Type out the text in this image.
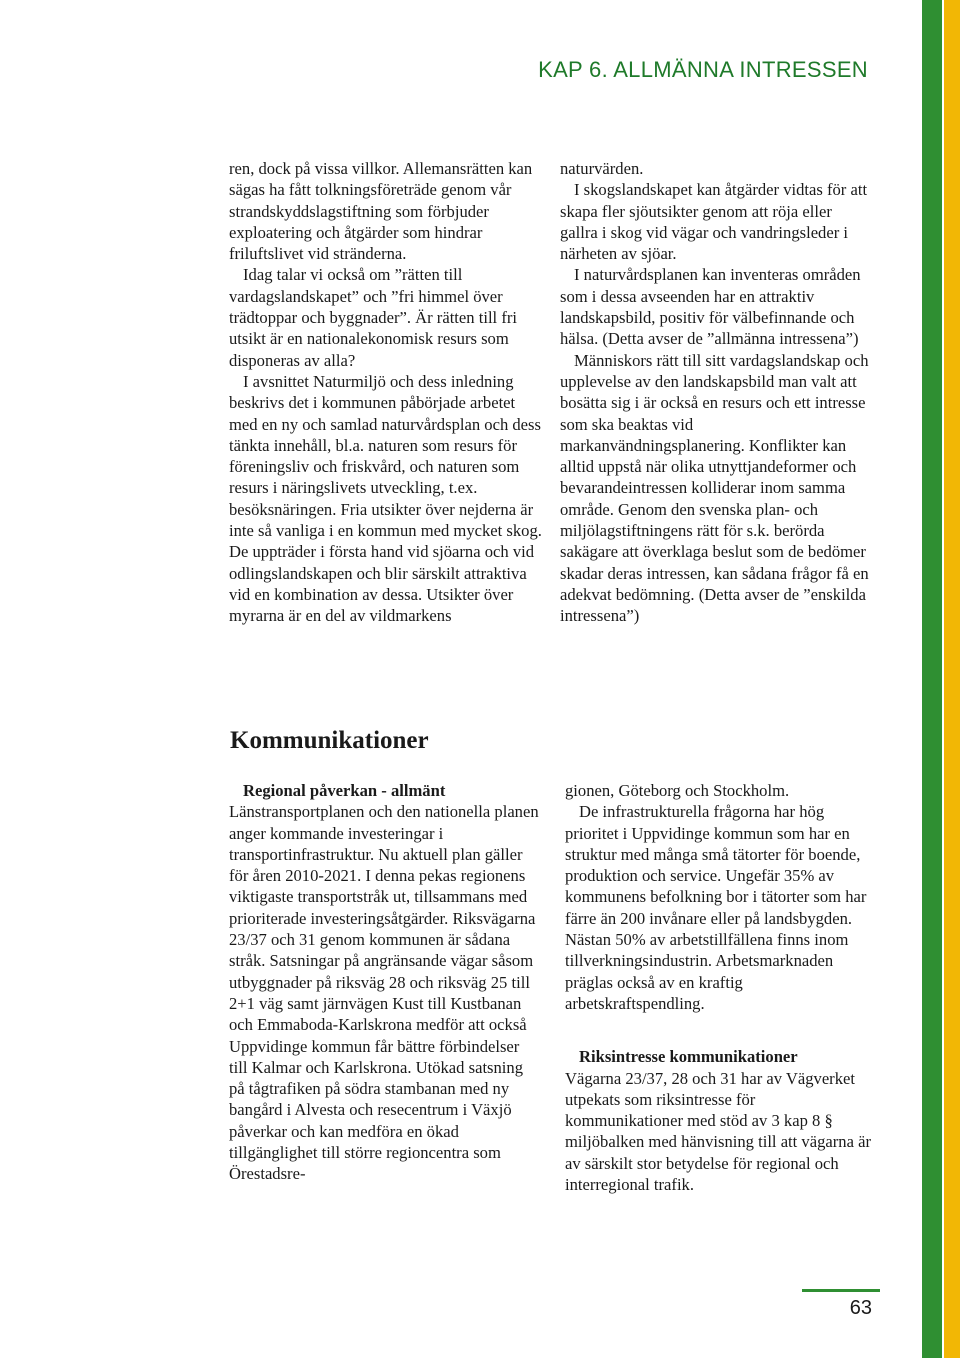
KAP 6. ALLMÄNNA INTRESSEN

ren, dock på vissa villkor. Allemansrätten kan sägas ha fått tolkningsföreträde genom vår strandskyddslagstiftning som förbjuder exploatering och åtgärder som hindrar friluftslivet vid stränderna.

Idag talar vi också om ”rätten till vardagslandskapet” och ”fri himmel över trädtoppar och byggnader”. Är rätten till fri utsikt är en nationalekonomisk resurs som disponeras av alla?

I avsnittet Naturmiljö och dess inledning beskrivs det i kommunen påbörjade arbetet med en ny och samlad naturvårdsplan och dess tänkta innehåll, bl.a. naturen som resurs för föreningsliv och friskvård, och naturen som resurs i näringslivets utveckling, t.ex. besöksnäringen. Fria utsikter över nejderna är inte så vanliga i en kommun med mycket skog. De uppträder i första hand vid sjöarna och vid odlingslandskapen och blir särskilt attraktiva vid en kombination av dessa. Utsikter över myrarna är en del av vildmarkens

naturvärden.

I skogslandskapet kan åtgärder vidtas för att skapa fler sjöutsikter genom att röja eller gallra i skog vid vägar och vandringsleder i närheten av sjöar.

I naturvårdsplanen kan inventeras områden som i dessa avseenden har en attraktiv landskapsbild, positiv för välbefinnande och hälsa. (Detta avser de ”allmänna intressena”)

Människors rätt till sitt vardagslandskap och upplevelse av den landskapsbild man valt att bosätta sig i är också en resurs och ett intresse som ska beaktas vid markanvändningsplanering. Konflikter kan alltid uppstå när olika utnyttjandeformer och bevarandeintressen kolliderar inom samma område. Genom den svenska plan- och miljölagstiftningens rätt för s.k. berörda sakägare att överklaga beslut som de bedömer skadar deras intressen, kan sådana frågor få en adekvat bedömning. (Detta avser de ”enskilda intressena”)

Kommunikationer

Regional påverkan - allmänt

Länstransportplanen och den nationella planen anger kommande investeringar i transportinfrastruktur. Nu aktuell plan gäller för åren 2010-2021. I denna pekas regionens viktigaste transportstråk ut, tillsammans med prioriterade investeringsåtgärder. Riksvägarna 23/37 och 31 genom kommunen är sådana stråk. Satsningar på angränsande vägar såsom utbyggnader på riksväg 28 och riksväg 25 till 2+1 väg samt järnvägen Kust till Kustbanan och Emmaboda-Karlskrona medför att också Uppvidinge kommun får bättre förbindelser till Kalmar och Karlskrona. Utökad satsning på tågtrafiken på södra stambanan med ny bangård i Alvesta och resecentrum i Växjö påverkar och kan medföra en ökad tillgänglighet till större regioncentra som Örestadsre-

gionen, Göteborg och Stockholm.

De infrastrukturella frågorna har hög prioritet i Uppvidinge kommun som har en struktur med många små tätorter för boende, produktion och service. Ungefär 35% av kommunens befolkning bor i tätorter som har färre än 200 invånare eller på landsbygden. Nästan 50% av arbetstillfällena finns inom tillverkningsindustrin. Arbetsmarknaden präglas också av en kraftig arbetskraftspendling.

Riksintresse kommunikationer

Vägarna 23/37, 28 och 31 har av Vägverket utpekats som riksintresse för kommunikationer med stöd av 3 kap 8 § miljöbalken med hänvisning till att vägarna är av särskilt stor betydelse för regional och interregional trafik.

63
